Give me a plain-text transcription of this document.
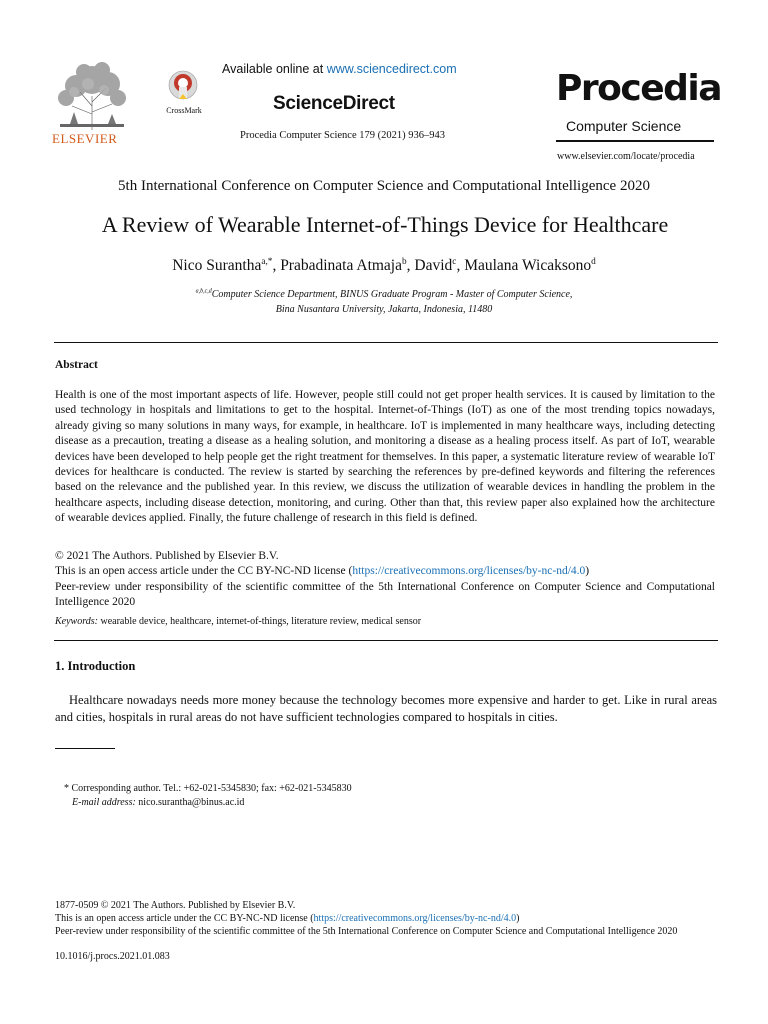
ELSEVIER
CrossMark
Available online at www.sciencedirect.com
ScienceDirect
Procedia Computer Science 179 (2021) 936–943
Procedia
Computer Science
www.elsevier.com/locate/procedia
5th International Conference on Computer Science and Computational Intelligence 2020
A Review of Wearable Internet-of-Things Device for Healthcare
Nico Surantha$^{a,*}$, Prabadinata Atmaja$^b$, David$^c$, Maulana Wicaksono$^d$
$^{a,b,c,d}$Computer Science Department, BINUS Graduate Program - Master of Computer Science,
Bina Nusantara University, Jakarta, Indonesia, 11480
Abstract
Health is one of the most important aspects of life. However, people still could not get proper health services. It is caused by limitation to the used technology in hospitals and limitations to get to the hospital. Internet-of-Things (IoT) as one of the most trending topics nowadays, already giving so many solutions in many ways, for example, in healthcare. IoT is implemented in many healthcare ways, including detecting disease as a precaution, treating a disease as a healing solution, and monitoring a disease as a healing process itself. As part of IoT, wearable devices have been developed to help people get the right treatment for themselves. In this paper, a systematic literature review of wearable IoT devices for healthcare is conducted. The review is started by searching the references by pre-defined keywords and filtering the references based on the relevance and the published year. In this review, we discuss the utilization of wearable devices in handling the problem in the healthcare aspects, including disease detection, monitoring, and curing. Other than that, this review paper also explained how the architecture of wearable devices applied. Finally, the future challenge of research in this field is defined.
© 2021 The Authors. Published by Elsevier B.V.
This is an open access article under the CC BY-NC-ND license (https://creativecommons.org/licenses/by-nc-nd/4.0)
Peer-review under responsibility of the scientific committee of the 5th International Conference on Computer Science and Computational Intelligence 2020
Keywords: wearable device, healthcare, internet-of-things, literature review, medical sensor
1. Introduction
Healthcare nowadays needs more money because the technology becomes more expensive and harder to get. Like in rural areas and cities, hospitals in rural areas do not have sufficient technologies compared to hospitals in cities.
* Corresponding author. Tel.: +62-021-5345830; fax: +62-021-5345830
E-mail address: nico.surantha@binus.ac.id
1877-0509 © 2021 The Authors. Published by Elsevier B.V.
This is an open access article under the CC BY-NC-ND license (https://creativecommons.org/licenses/by-nc-nd/4.0)
Peer-review under responsibility of the scientific committee of the 5th International Conference on Computer Science and Computational Intelligence 2020
10.1016/j.procs.2021.01.083
